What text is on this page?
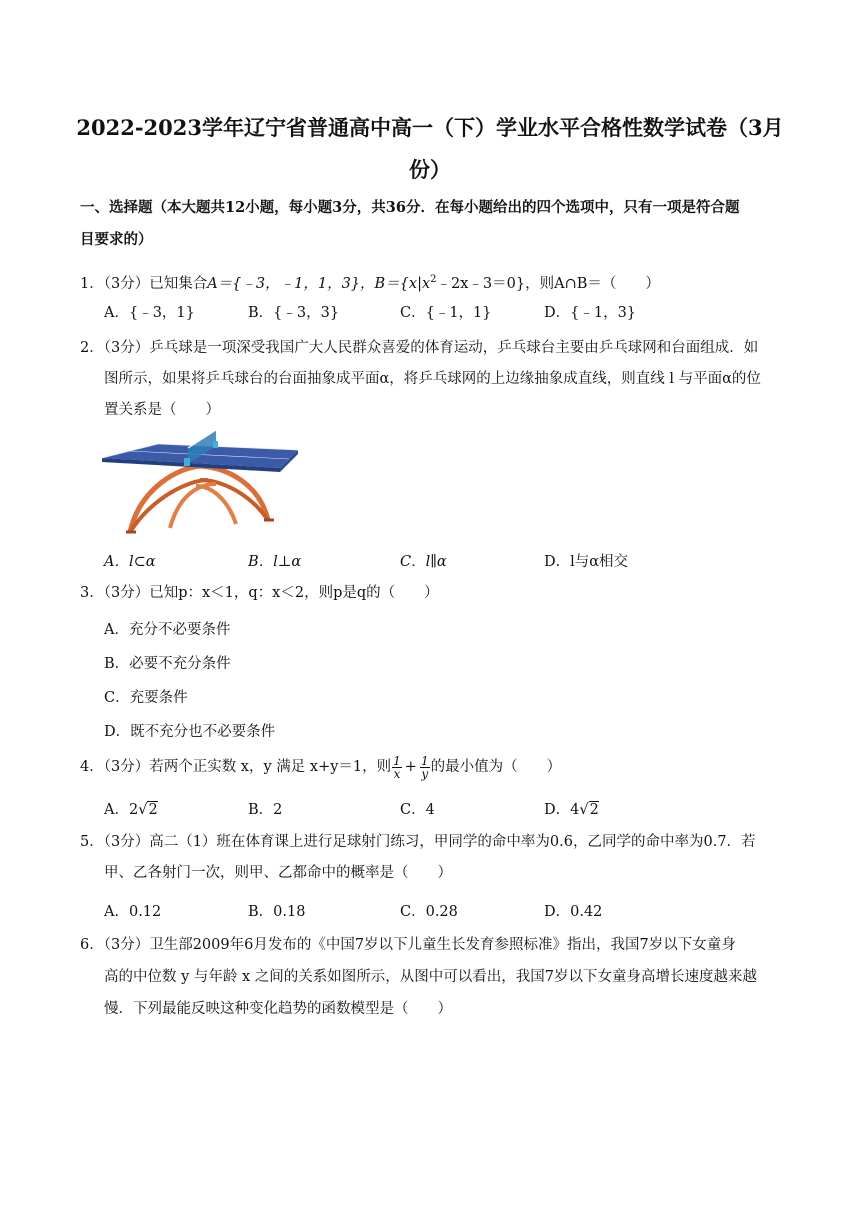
2022-2023学年辽宁省普通高中高一（下）学业水平合格性数学试卷（3月
份）
一、选择题（本大题共12小题，每小题3分，共36分．在每小题给出的四个选项中，只有一项是符合题
目要求的）
1．（3分）已知集合A＝{﹣3，﹣1，1，3}，$B=\{x|x^2﹣2x﹣3=0\}$，则A∩B＝（　　）
A．{﹣3，1}	B．{﹣3，3}	C．{﹣1，1}	D．{﹣1，3}
2．（3分）乒乓球是一项深受我国广大人民群众喜爱的体育运动，乒乓球台主要由乒乓球网和台面组成．如
图所示，如果将乒乓球台的台面抽象成平面α，将乒乓球网的上边缘抽象成直线，则直线 l 与平面α的位
置关系是（　　）
A．l⊂α	B．l⊥α	C．l∥α	D．l与α相交
3．（3分）已知p：x＜1，q：x＜2，则p是q的（　　）
A．充分不必要条件
B．必要不充分条件
C．充要条件
D．既不充分也不必要条件
4．（3分）若两个正实数 x，y 满足 x+y＝1，则 $\frac{1}{x} + \frac{1}{y}$ 的最小值为（　　）
A．2√2	B．2	C．4	D．4√2
5．（3分）高二（1）班在体育课上进行足球射门练习，甲同学的命中率为0.6，乙同学的命中率为0.7．若
甲、乙各射门一次，则甲、乙都命中的概率是（　　）
A．0.12	B．0.18	C．0.28	D．0.42
6．（3分）卫生部2009年6月发布的《中国7岁以下儿童生长发育参照标准》指出，我国7岁以下女童身
高的中位数 y 与年龄 x 之间的关系如图所示，从图中可以看出，我国7岁以下女童身高增长速度越来越
慢．下列最能反映这种变化趋势的函数模型是（　　）
